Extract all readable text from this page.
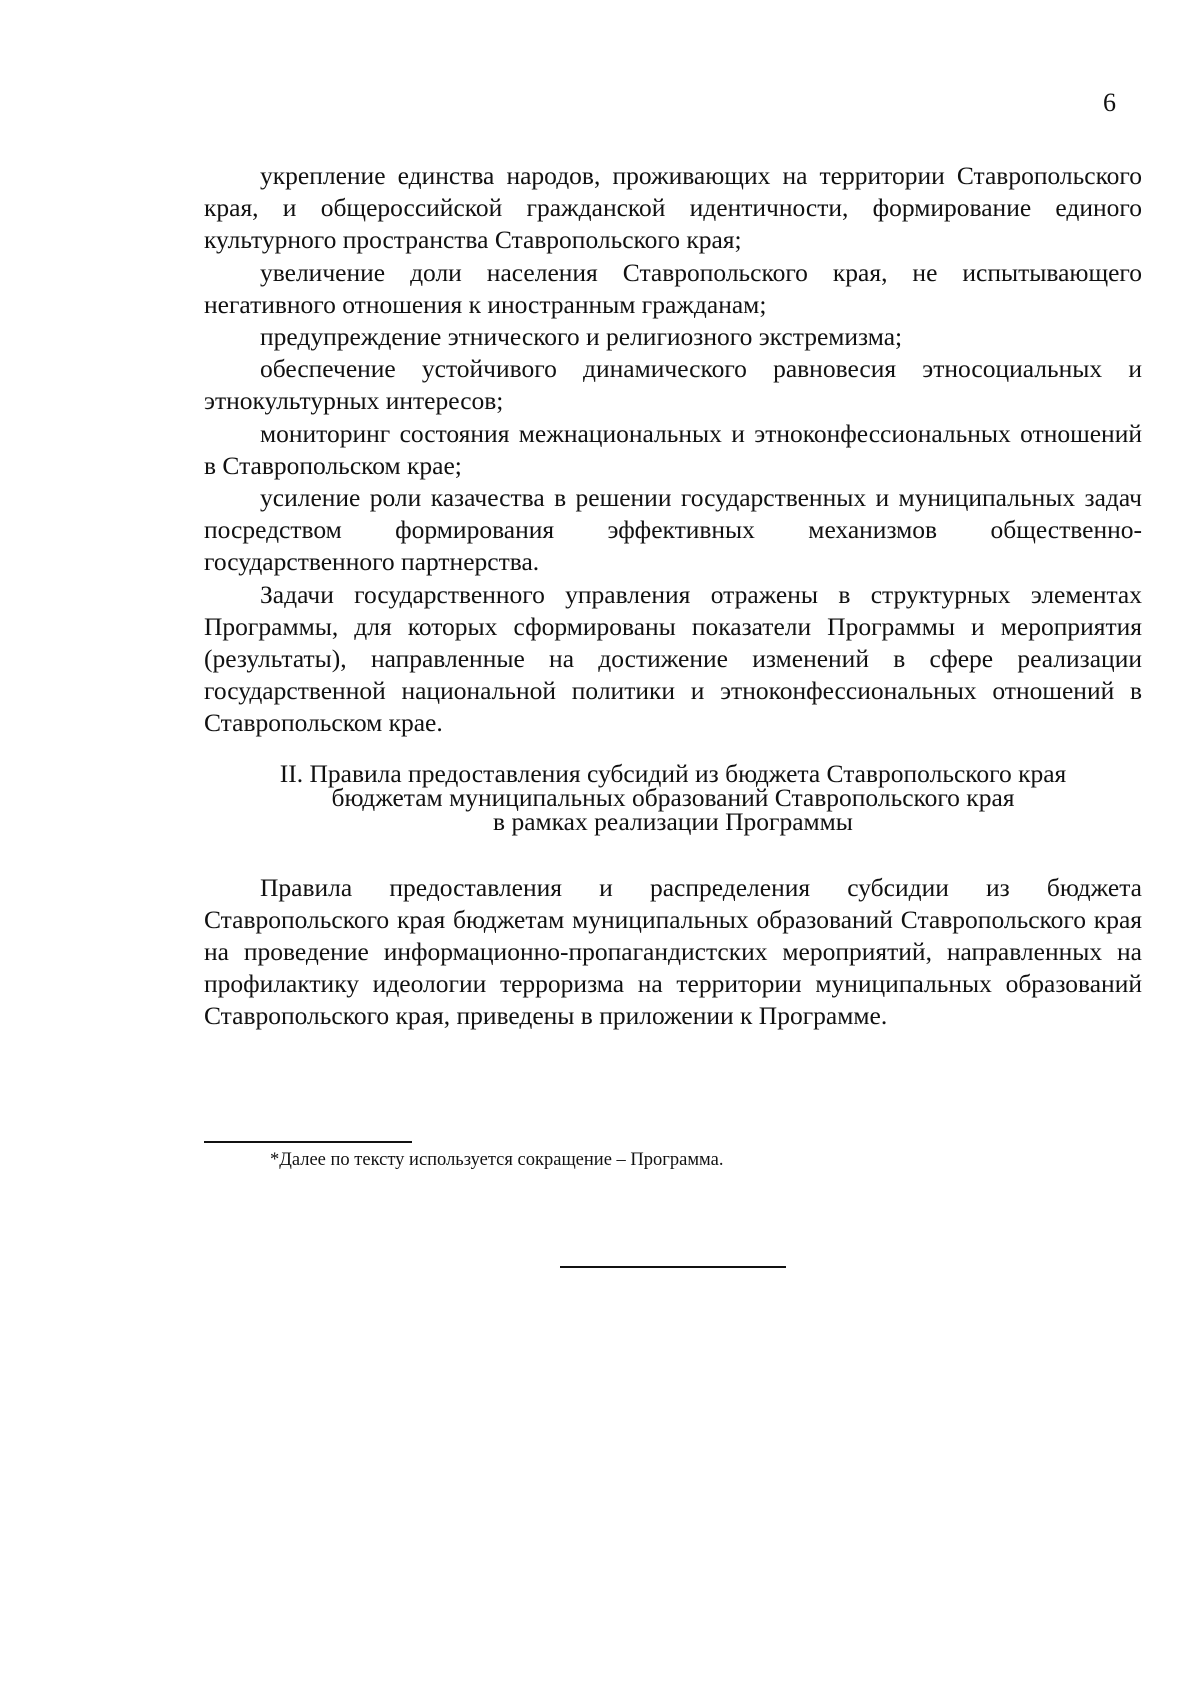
6

укрепление единства народов, проживающих на территории Ставропольского края, и общероссийской гражданской идентичности, формирование единого культурного пространства Ставропольского края;

увеличение доли населения Ставропольского края, не испытывающего негативного отношения к иностранным гражданам;

предупреждение этнического и религиозного экстремизма;

обеспечение устойчивого динамического равновесия этносоциальных и этнокультурных интересов;

мониторинг состояния межнациональных и этноконфессиональных отношений в Ставропольском крае;

усиление роли казачества в решении государственных и муниципальных задач посредством формирования эффективных механизмов общественно-государственного партнерства.

Задачи государственного управления отражены в структурных элементах Программы, для которых сформированы показатели Программы и мероприятия (результаты), направленные на достижение изменений в сфере реализации государственной национальной политики и этноконфессиональных отношений в Ставропольском крае.

II. Правила предоставления субсидий из бюджета Ставропольского края
бюджетам муниципальных образований Ставропольского края
в рамках реализации Программы

Правила предоставления и распределения субсидии из бюджета Ставропольского края бюджетам муниципальных образований Ставропольского края на проведение информационно-пропагандистских мероприятий, направленных на профилактику идеологии терроризма на территории муниципальных образований Ставропольского края, приведены в приложении к Программе.

*Далее по тексту используется сокращение – Программа.
